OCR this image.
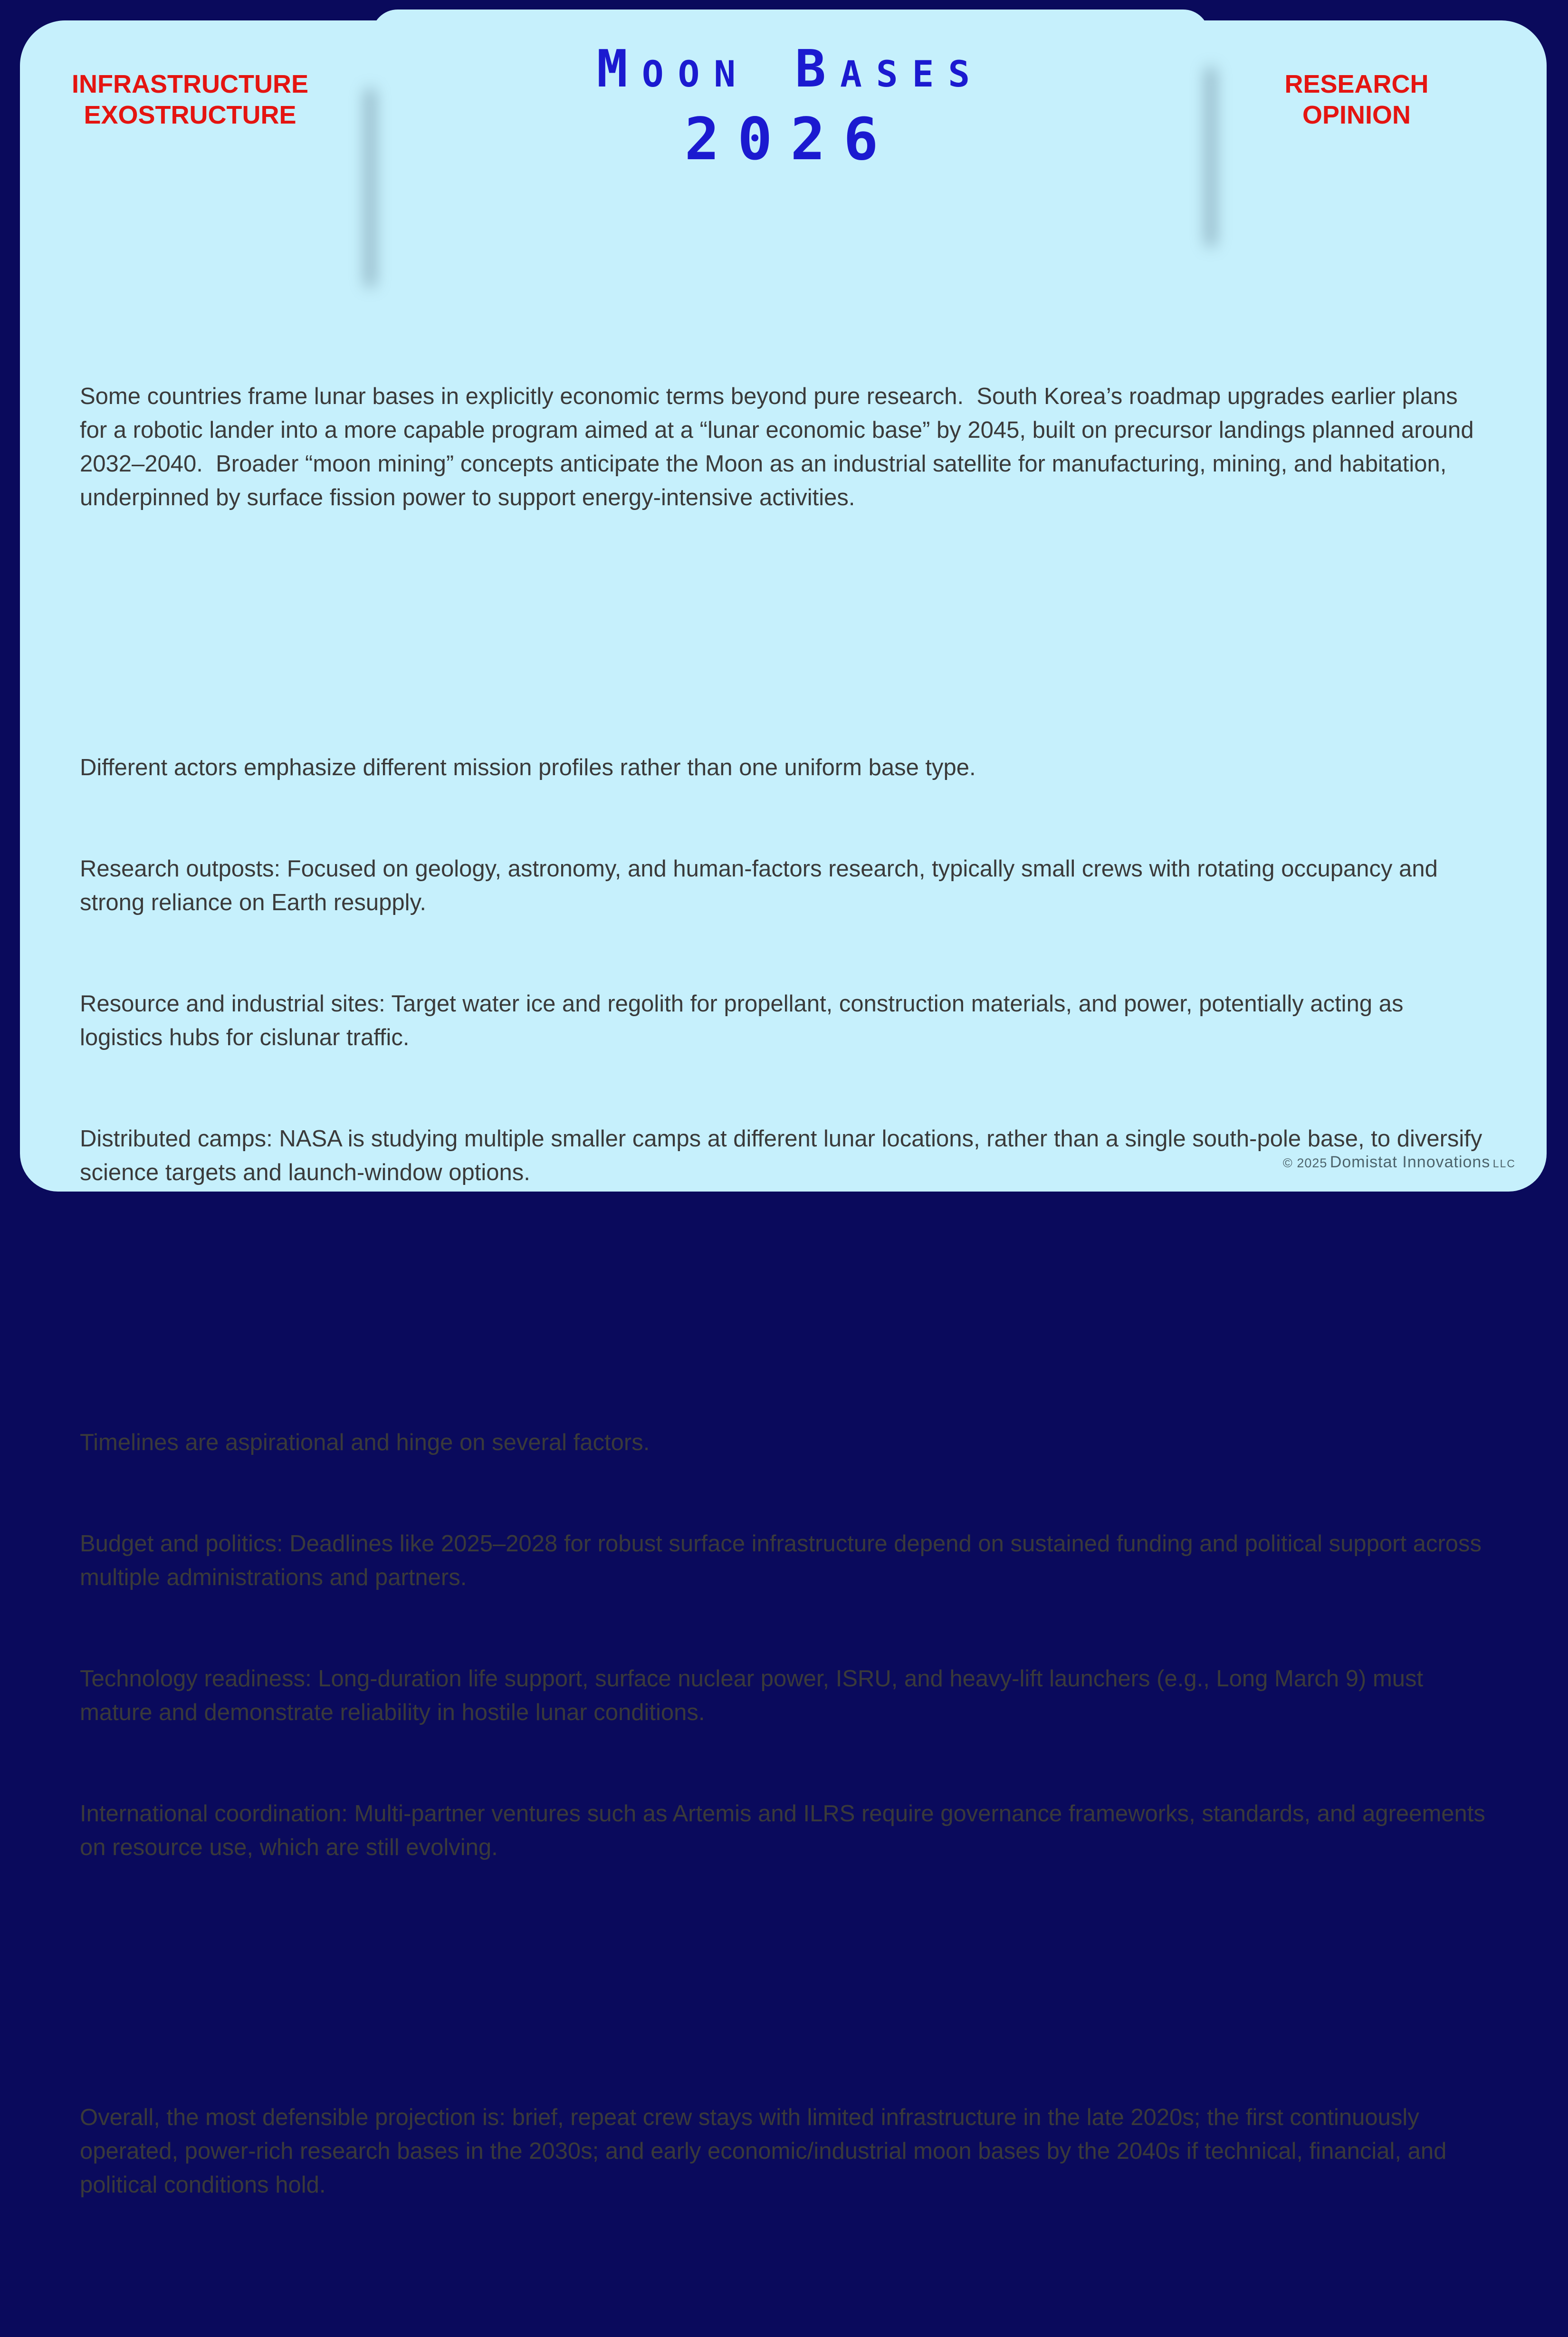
Moon Bases
2026
INFRASTRUCTURE
EXOSTRUCTURE
RESEARCH
OPINION

Some countries frame lunar bases in explicitly economic terms beyond pure research.  South Korea’s roadmap upgrades earlier plans for a robotic lander into a more capable program aimed at a “lunar economic base” by 2045, built on precursor landings planned around 2032–2040.  Broader “moon mining” concepts anticipate the Moon as an industrial satellite for manufacturing, mining, and habitation, underpinned by surface fission power to support energy-intensive activities.

Different actors emphasize different mission profiles rather than one uniform base type.

Research outposts: Focused on geology, astronomy, and human-factors research, typically small crews with rotating occupancy and strong reliance on Earth resupply.

Resource and industrial sites: Target water ice and regolith for propellant, construction materials, and power, potentially acting as logistics hubs for cislunar traffic.

Distributed camps: NASA is studying multiple smaller camps at different lunar locations, rather than a single south-pole base, to diversify science targets and launch-window options.

Timelines are aspirational and hinge on several factors.

Budget and politics: Deadlines like 2025–2028 for robust surface infrastructure depend on sustained funding and political support across multiple administrations and partners.

Technology readiness: Long-duration life support, surface nuclear power, ISRU, and heavy-lift launchers (e.g., Long March 9) must mature and demonstrate reliability in hostile lunar conditions.

International coordination: Multi-partner ventures such as Artemis and ILRS require governance frameworks, standards, and agreements on resource use, which are still evolving.

Overall, the most defensible projection is: brief, repeat crew stays with limited infrastructure in the late 2020s; the first continuously operated, power-rich research bases in the 2030s; and early economic/industrial moon bases by the 2040s if technical, financial, and political conditions hold.

© 2025 Domistat Innovations LLC
